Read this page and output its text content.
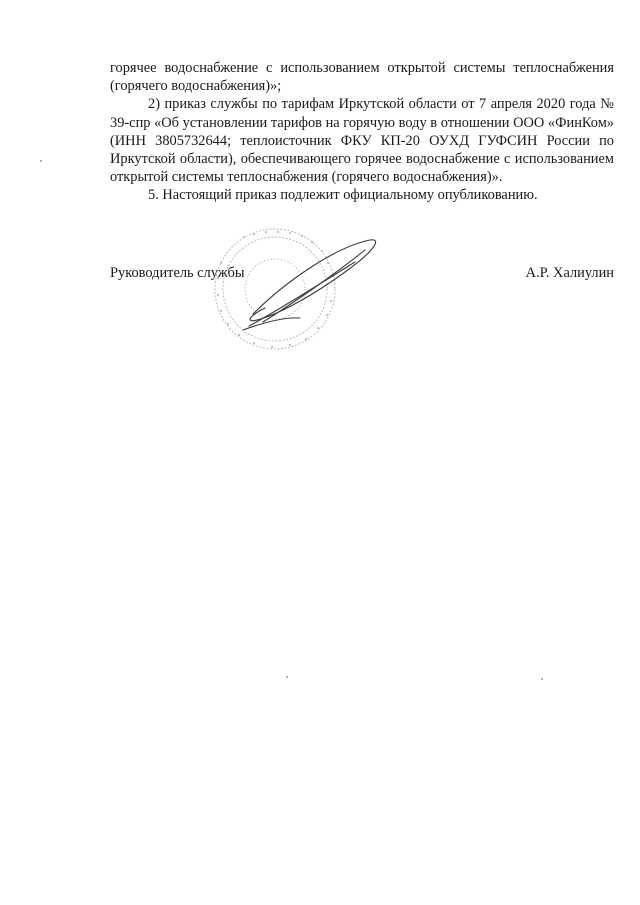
горячее водоснабжение с использованием открытой системы теплоснабжения (горячего водоснабжения)»;

2) приказ службы по тарифам Иркутской области от 7 апреля 2020 года № 39-спр «Об установлении тарифов на горячую воду в отношении ООО «ФинКом» (ИНН 3805732644; теплоисточник ФКУ КП-20 ОУХД ГУФСИН России по Иркутской области), обеспечивающего горячее водоснабжение с использованием открытой системы теплоснабжения (горячего водоснабжения)».

5. Настоящий приказ подлежит официальному опубликованию.

Руководитель службы	А.Р. Халиулин
